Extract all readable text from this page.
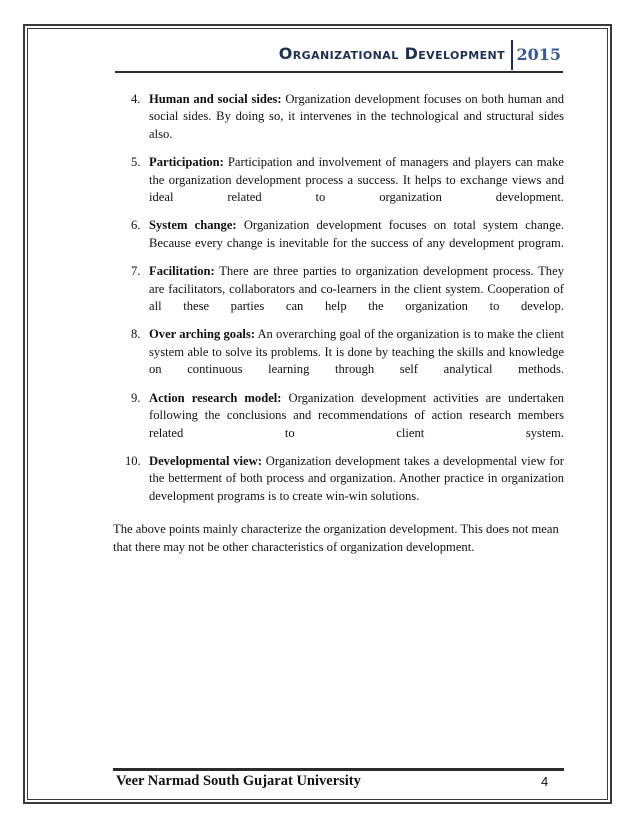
Organizational Development 2015
4. Human and social sides: Organization development focuses on both human and social sides. By doing so, it intervenes in the technological and structural sides also.
5. Participation: Participation and involvement of managers and players can make the organization development process a success. It helps to exchange views and ideal related to organization development.
6. System change: Organization development focuses on total system change. Because every change is inevitable for the success of any development program.
7. Facilitation: There are three parties to organization development process. They are facilitators, collaborators and co-learners in the client system. Cooperation of all these parties can help the organization to develop.
8. Over arching goals: An overarching goal of the organization is to make the client system able to solve its problems. It is done by teaching the skills and knowledge on continuous learning through self analytical methods.
9. Action research model: Organization development activities are undertaken following the conclusions and recommendations of action research members related to client system.
10. Developmental view: Organization development takes a developmental view for the betterment of both process and organization. Another practice in organization development programs is to create win-win solutions.

The above points mainly characterize the organization development. This does not mean that there may not be other characteristics of organization development.

Veer Narmad South Gujarat University	4
